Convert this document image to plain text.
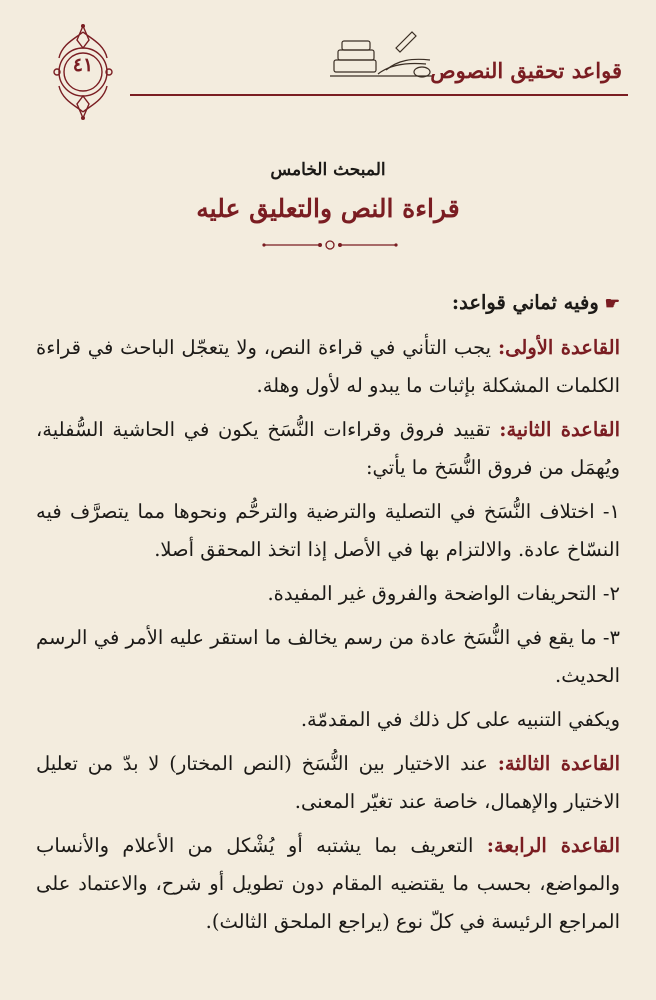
٤١	قواعد تحقيق النصوص
المبحث الخامس
قراءة النص والتعليق عليه

☛وفيه ثماني قواعد:

القاعدة الأولى: يجب التأني في قراءة النص، ولا يتعجّل الباحث في قراءة الكلمات المشكلة بإثبات ما يبدو له لأول وهلة.

القاعدة الثانية: تقييد فروق وقراءات النُّسَخ يكون في الحاشية السُّفلية، ويُهمَل من فروق النُّسَخ ما يأتي:

١- اختلاف النُّسَخ في التصلية والترضية والترحُّم ونحوها مما يتصرَّف فيه النسّاخ عادة. والالتزام بها في الأصل إذا اتخذ المحقق أصلا.

٢- التحريفات الواضحة والفروق غير المفيدة.

٣- ما يقع في النُّسَخ عادة من رسم يخالف ما استقر عليه الأمر في الرسم الحديث.

ويكفي التنبيه على كل ذلك في المقدمّة.

القاعدة الثالثة: عند الاختيار بين النُّسَخ (النص المختار) لا بدّ من تعليل الاختيار والإهمال، خاصة عند تغيّر المعنى.

القاعدة الرابعة: التعريف بما يشتبه أو يُشْكل من الأعلام والأنساب والمواضع، بحسب ما يقتضيه المقام دون تطويل أو شرح، والاعتماد على المراجع الرئيسة في كلّ نوع (يراجع الملحق الثالث).
